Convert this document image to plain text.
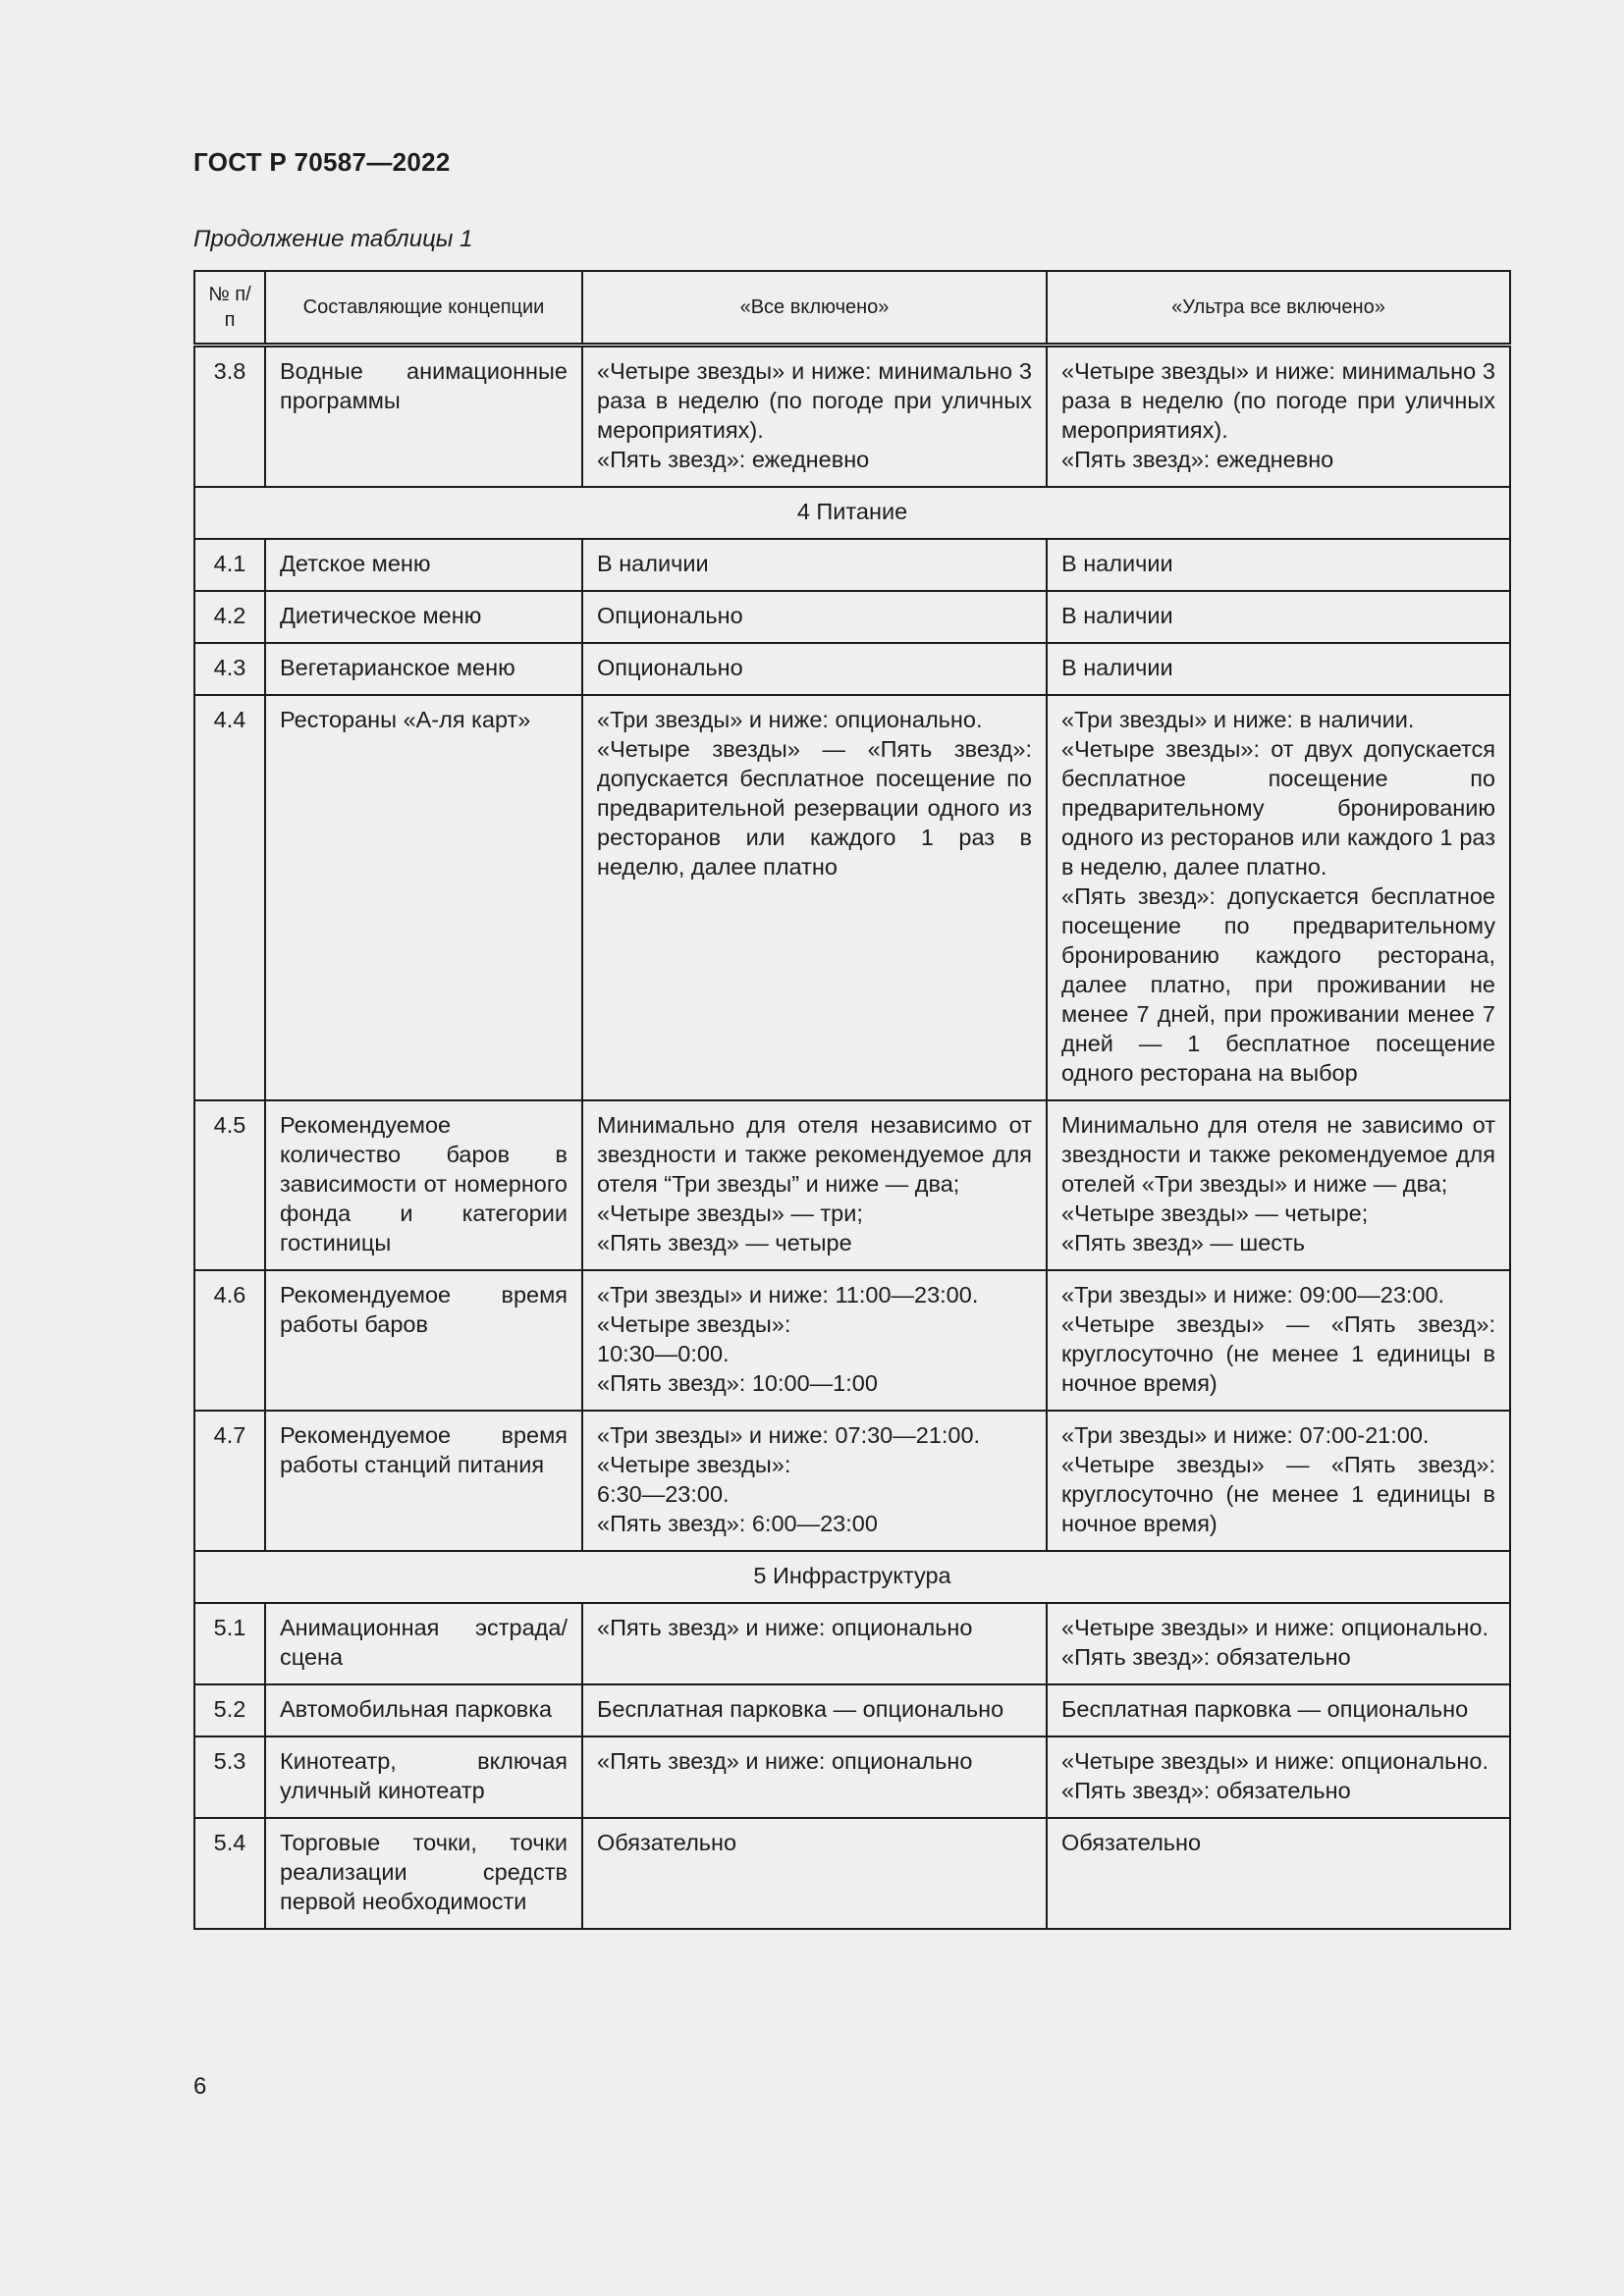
ГОСТ Р 70587—2022
Продолжение таблицы 1
№ п/п	Составляющие концепции	«Все включено»	«Ультра все включено»
3.8	Водные анимационные программы	«Четыре звезды» и ниже: минимально 3 раза в неделю (по погоде при уличных мероприятиях).
«Пять звезд»: ежедневно	«Четыре звезды» и ниже: минимально 3 раза в неделю (по погоде при уличных мероприятиях).
«Пять звезд»: ежедневно

4 Питание			
4.1	Детское меню	В наличии	В наличии

4.2	Диетическое меню	Опционально	В наличии

4.3	Вегетарианское меню	Опционально	В наличии

4.4	Рестораны «А-ля карт»	«Три звезды» и ниже: опционально.
«Четыре звезды» — «Пять звезд»: допускается бесплатное посещение по предварительной резервации одного из ресторанов или каждого 1 раз в неделю, далее платно	«Три звезды» и ниже: в наличии.
«Четыре звезды»: от двух допускается бесплатное посещение по предварительному бронированию одного из ресторанов или каждого 1 раз в неделю, далее платно.
«Пять звезд»: допускается бесплатное посещение по предварительному бронированию каждого ресторана, далее платно, при проживании не менее 7 дней, при проживании менее 7 дней — 1 бесплатное посещение одного ресторана на выбор

4.5	Рекомендуемое количество баров в зависимости от номерного фонда и категории гостиницы	Минимально для отеля независимо от звездности и также рекомендуемое для отеля “Три звезды” и ниже — два;
«Четыре звезды» — три;
«Пять звезд» — четыре	Минимально для отеля не зависимо от звездности и также рекомендуемое для отелей «Три звезды» и ниже — два;
«Четыре звезды» — четыре;
«Пять звезд» — шесть

4.6	Рекомендуемое время работы баров	«Три звезды» и ниже: 11:00—23:00.
«Четыре звезды»:
10:30—0:00.
«Пять звезд»: 10:00—1:00	«Три звезды» и ниже: 09:00—23:00.
«Четыре звезды» — «Пять звезд»: круглосуточно (не менее 1 единицы в ночное время)

4.7	Рекомендуемое время работы станций питания	«Три звезды» и ниже: 07:30—21:00.
«Четыре звезды»:
6:30—23:00.
«Пять звезд»: 6:00—23:00	«Три звезды» и ниже: 07:00-21:00.
«Четыре звезды» — «Пять звезд»: круглосуточно (не менее 1 единицы в ночное время)

5 Инфраструктура			
5.1	Анимационная эстрада/ сцена	«Пять звезд» и ниже: опционально	«Четыре звезды» и ниже: опционально.
«Пять звезд»: обязательно

5.2	Автомобильная парковка	Бесплатная парковка — опционально	Бесплатная парковка — опционально

5.3	Кинотеатр, включая уличный кинотеатр	«Пять звезд» и ниже: опционально	«Четыре звезды» и ниже: опционально.
«Пять звезд»: обязательно

5.4	Торговые точки, точки реализации средств первой необходимости	Обязательно	Обязательно
6
